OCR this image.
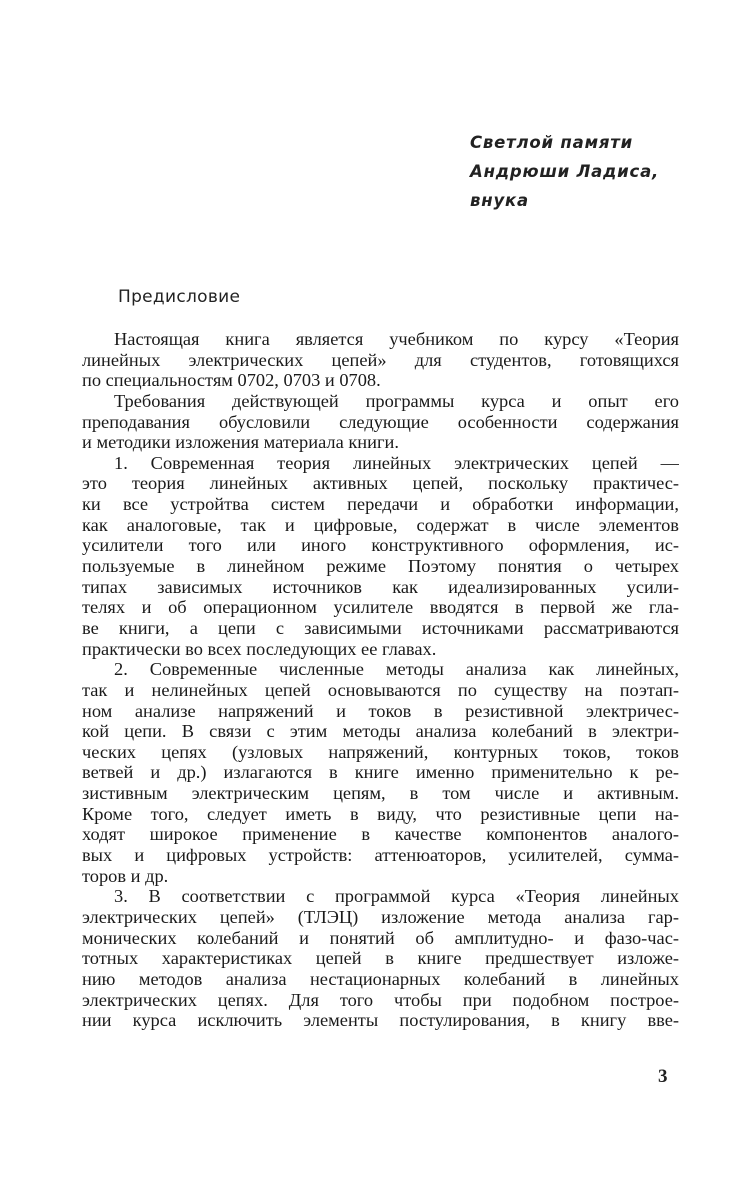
Светлой памяти
Андрюши Ладиса,
внука
Предисловие
Настоящая книга является учебником по курсу «Теория
линейных электрических цепей» для студентов, готовящихся
по специальностям 0702, 0703 и 0708.
Требования действующей программы курса и опыт его
преподавания обусловили следующие особенности содержания
и методики изложения материала книги.
1. Современная теория линейных электрических цепей —
это теория линейных активных цепей, поскольку практичес-
ки все устройтва систем передачи и обработки информации,
как аналоговые, так и цифровые, содержат в числе элементов
усилители того или иного конструктивного оформления, ис-
пользуемые в линейном режиме Поэтому понятия о четырех
типах зависимых источников как идеализированных усили-
телях и об операционном усилителе вводятся в первой же гла-
ве книги, а цепи с зависимыми источниками рассматриваются
практически во всех последующих ее главах.
2. Современные численные методы анализа как линейных,
так и нелинейных цепей основываются по существу на поэтап-
ном анализе напряжений и токов в резистивной электричес-
кой цепи. В связи с этим методы анализа колебаний в электри-
ческих цепях (узловых напряжений, контурных токов, токов
ветвей и др.) излагаются в книге именно применительно к ре-
зистивным электрическим цепям, в том числе и активным.
Кроме того, следует иметь в виду, что резистивные цепи на-
ходят широкое применение в качестве компонентов аналого-
вых и цифровых устройств: аттенюаторов, усилителей, сумма-
торов и др.
3. В соответствии с программой курса «Теория линейных
электрических цепей» (ТЛЭЦ) изложение метода анализа гар-
монических колебаний и понятий об амплитудно- и фазо-час-
тотных характеристиках цепей в книге предшествует изложе-
нию методов анализа нестационарных колебаний в линейных
электрических цепях. Для того чтобы при подобном построе-
нии курса исключить элементы постулирования, в книгу вве-
3
